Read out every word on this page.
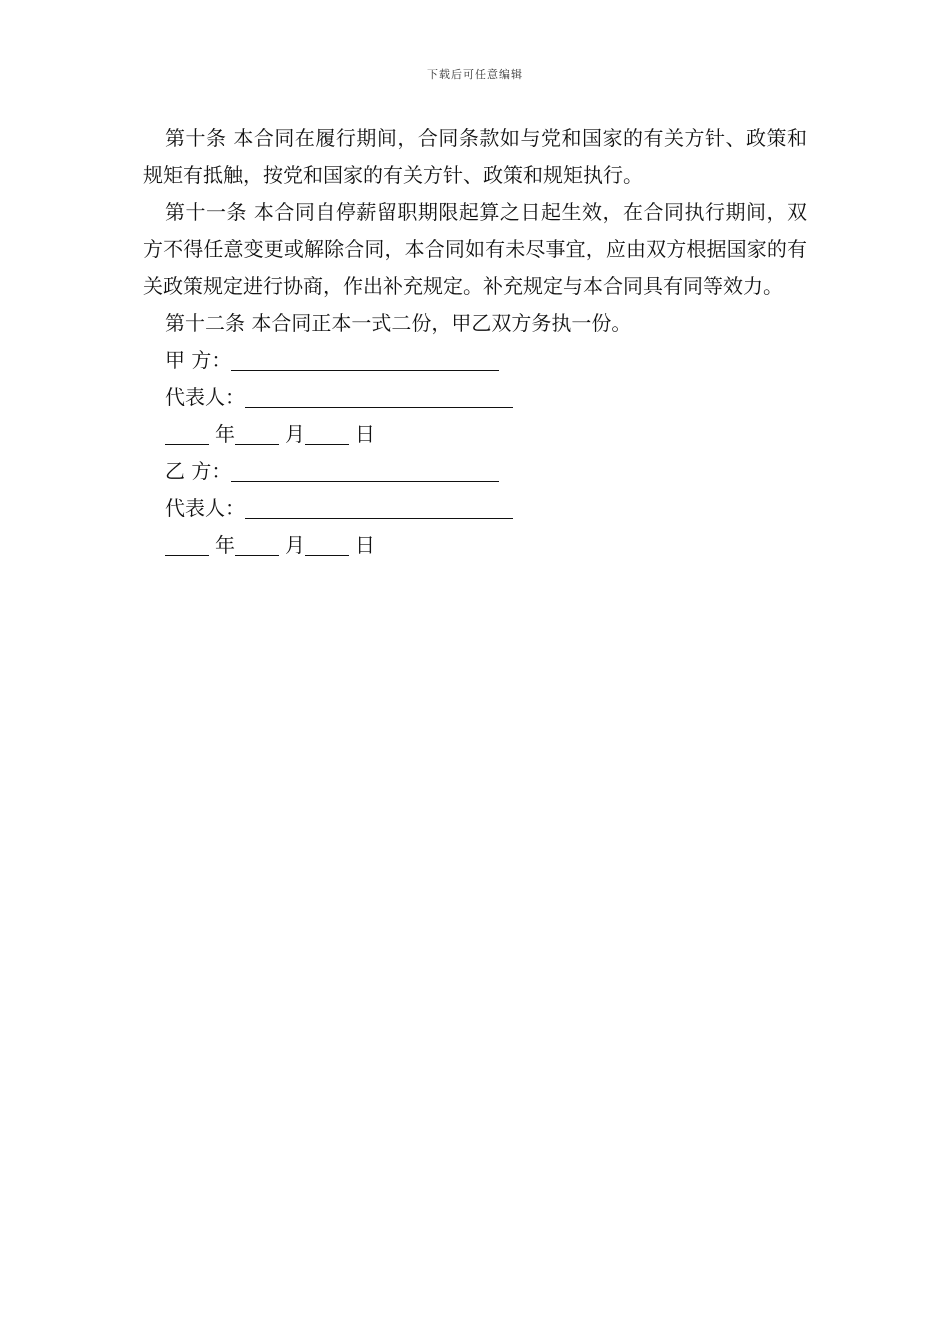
下载后可任意编辑

第十条 本合同在履行期间，合同条款如与党和国家的有关方针、政策和规矩有抵触，按党和国家的有关方针、政策和规矩执行。

第十一条 本合同自停薪留职期限起算之日起生效，在合同执行期间，双方不得任意变更或解除合同，本合同如有未尽事宜，应由双方根据国家的有关政策规定进行协商，作出补充规定。补充规定与本合同具有同等效力。

第十二条 本合同正本一式二份，甲乙双方务执一份。

甲 方：

代表人：

年	月	日

乙 方：

代表人：

年	月	日
